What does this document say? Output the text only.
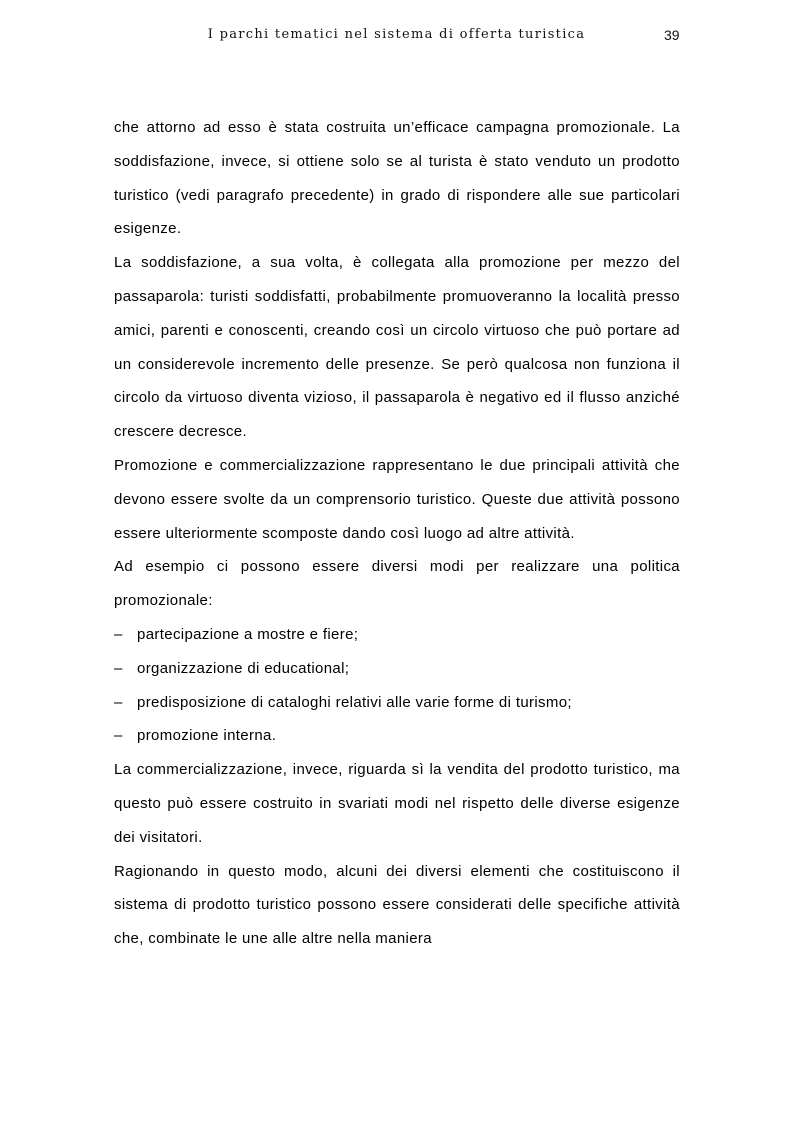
I parchi tematici nel sistema di offerta turistica	39

che attorno ad esso è stata costruita un’efficace campagna promozionale. La soddisfazione, invece, si ottiene solo se al turista è stato venduto un prodotto turistico (vedi paragrafo precedente) in grado di rispondere alle sue particolari esigenze.

La soddisfazione, a sua volta, è collegata alla promozione per mezzo del passaparola: turisti soddisfatti, probabilmente promuoveranno la località presso amici, parenti e conoscenti, creando così un circolo virtuoso che può portare ad un considerevole incremento delle presenze. Se però qualcosa non funziona il circolo da virtuoso diventa vizioso, il passaparola è negativo ed il flusso anziché crescere decresce.

Promozione e commercializzazione rappresentano le due principali attività che devono essere svolte da un comprensorio turistico. Queste due attività possono essere ulteriormente scomposte dando così luogo ad altre attività.

Ad esempio ci possono essere diversi modi per realizzare una politica promozionale:

– partecipazione a mostre e fiere;
– organizzazione di educational;
– predisposizione di cataloghi relativi alle varie forme di turismo;
– promozione interna.

La commercializzazione, invece, riguarda sì la vendita del prodotto turistico, ma questo può essere costruito in svariati modi nel rispetto delle diverse esigenze dei visitatori.

Ragionando in questo modo, alcuni dei diversi elementi che costituiscono il sistema di prodotto turistico possono essere considerati delle specifiche attività che, combinate le une alle altre nella maniera
